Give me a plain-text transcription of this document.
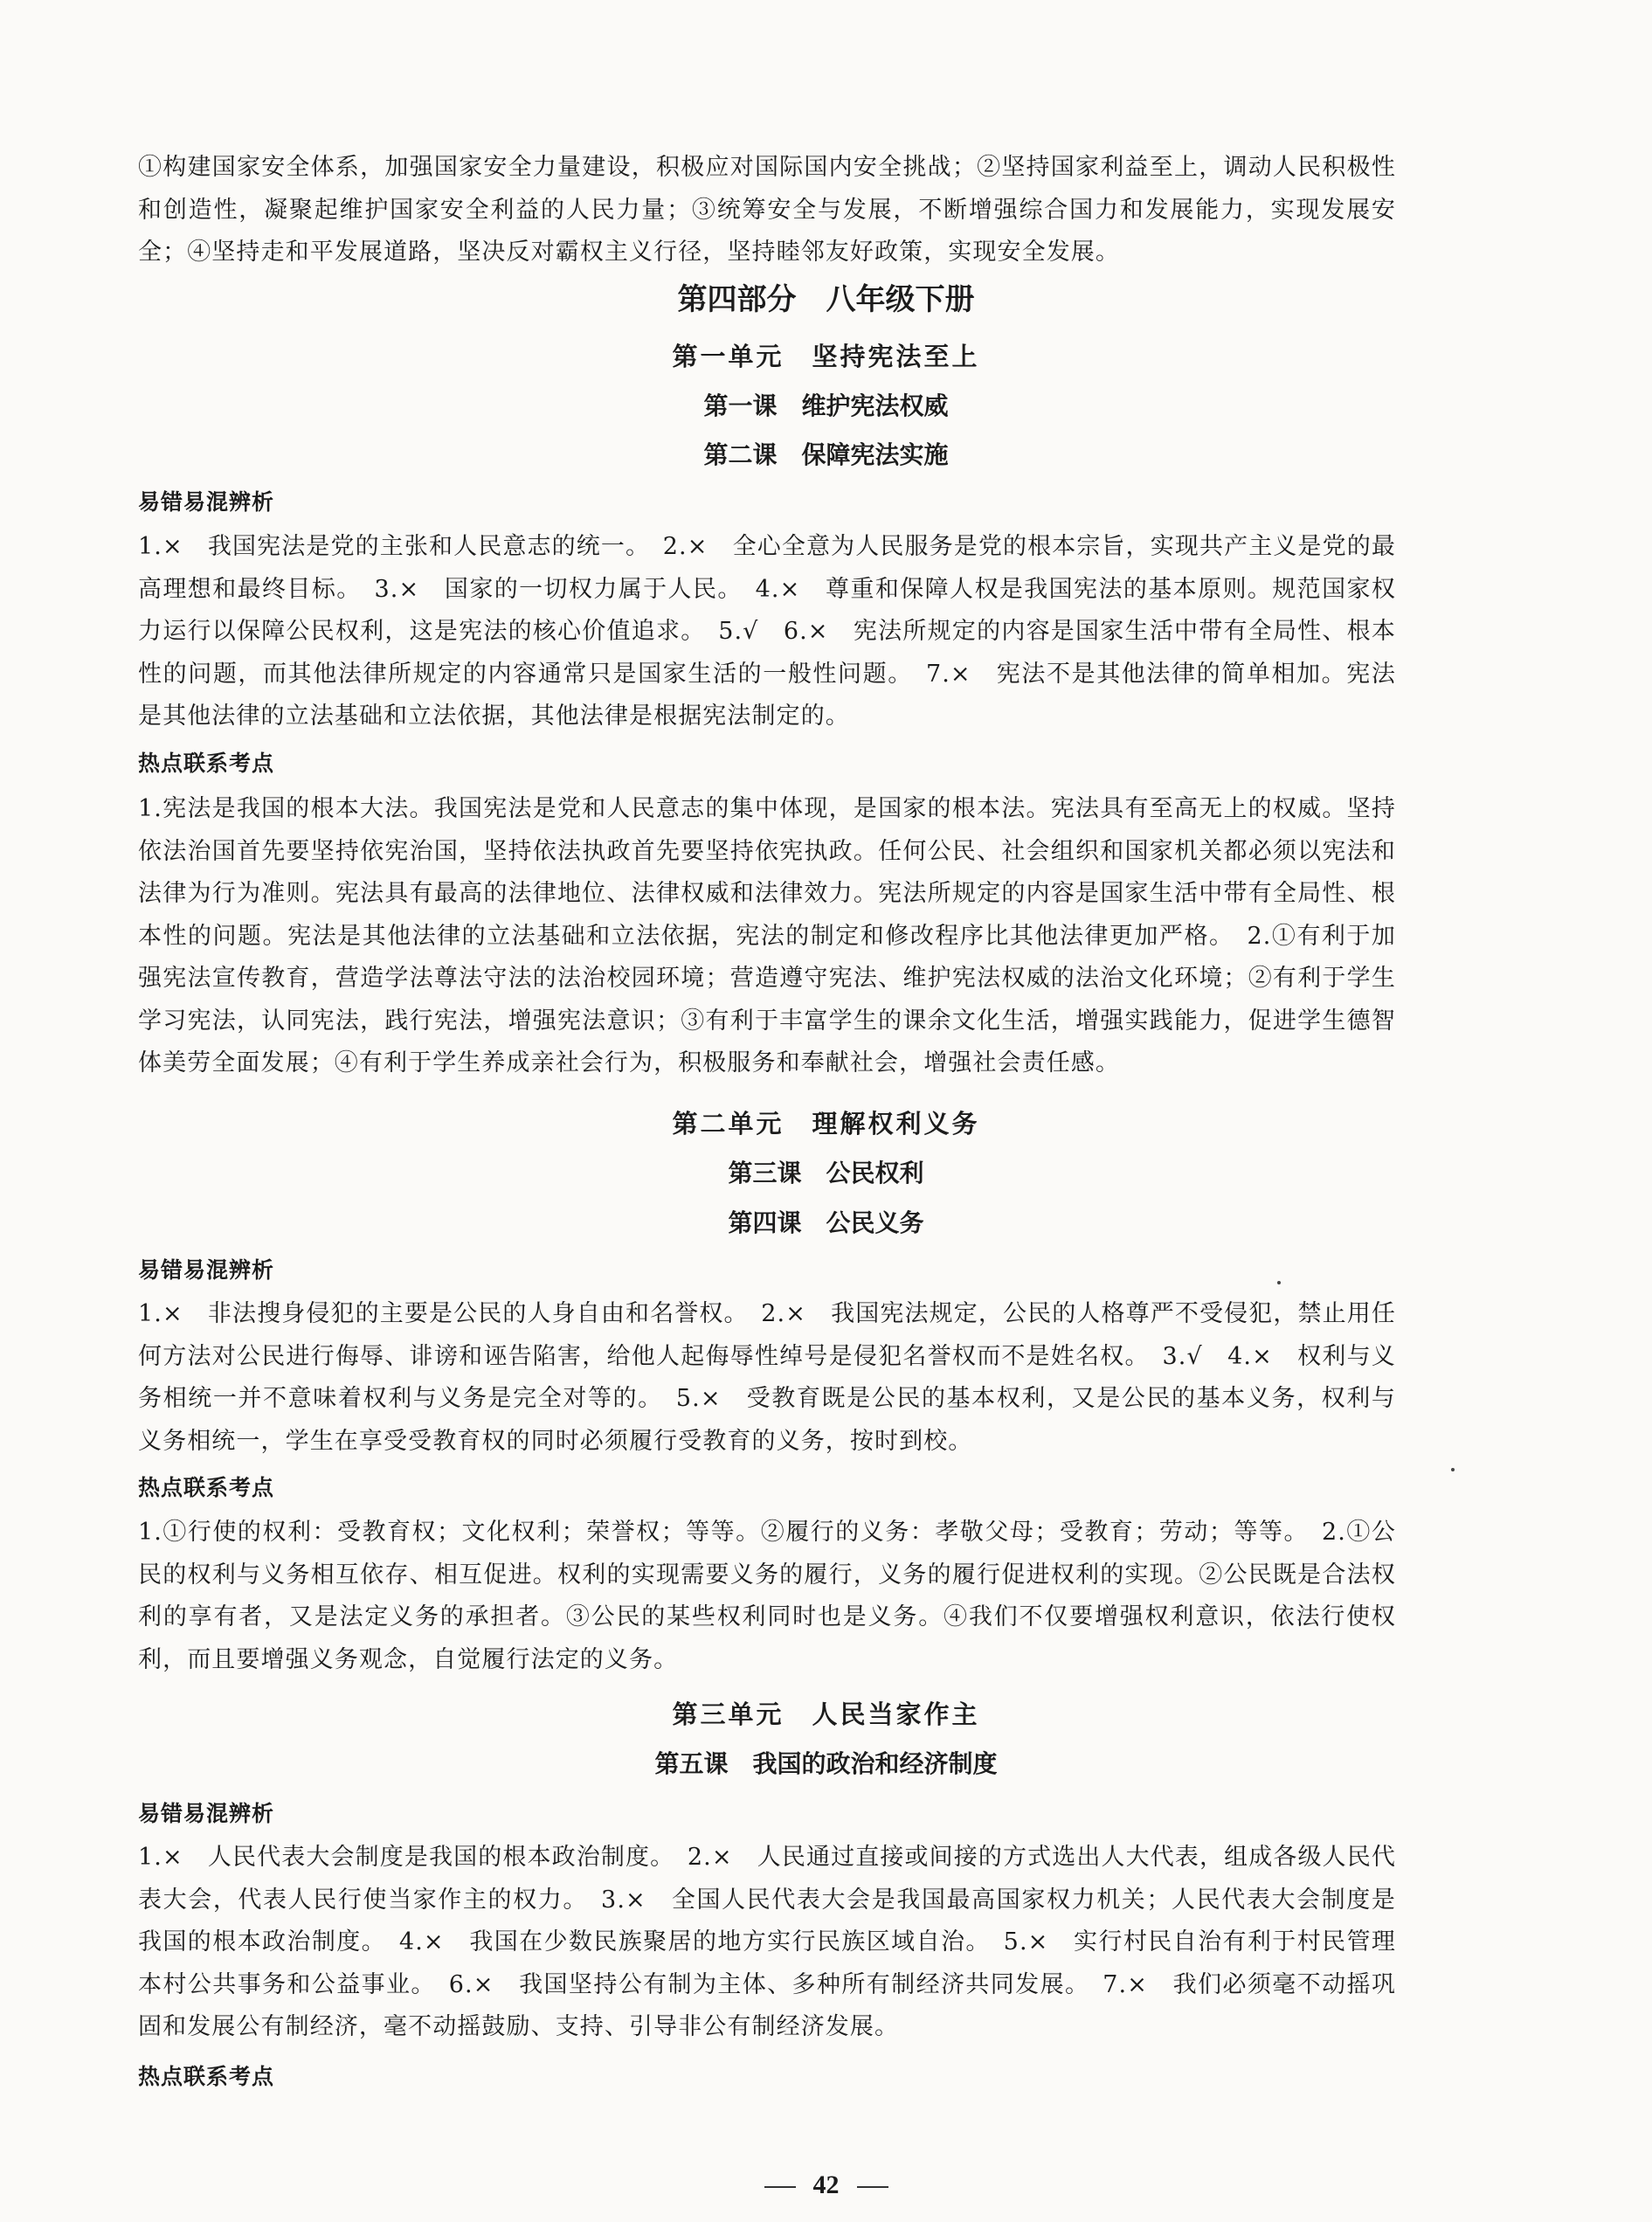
①构建国家安全体系，加强国家安全力量建设，积极应对国际国内安全挑战；②坚持国家利益至上，调动人民积极性和创造性，凝聚起维护国家安全利益的人民力量；③统筹安全与发展，不断增强综合国力和发展能力，实现发展安全；④坚持走和平发展道路，坚决反对霸权主义行径，坚持睦邻友好政策，实现安全发展。

第四部分　八年级下册
第一单元　坚持宪法至上
第一课　维护宪法权威
第二课　保障宪法实施
易错易混辨析

1.×　我国宪法是党的主张和人民意志的统一。　2.×　全心全意为人民服务是党的根本宗旨，实现共产主义是党的最高理想和最终目标。　3.×　国家的一切权力属于人民。　4.×　尊重和保障人权是我国宪法的基本原则。规范国家权力运行以保障公民权利，这是宪法的核心价值追求。　5.√　6.×　宪法所规定的内容是国家生活中带有全局性、根本性的问题，而其他法律所规定的内容通常只是国家生活的一般性问题。　7.×　宪法不是其他法律的简单相加。宪法是其他法律的立法基础和立法依据，其他法律是根据宪法制定的。

热点联系考点

1.宪法是我国的根本大法。我国宪法是党和人民意志的集中体现，是国家的根本法。宪法具有至高无上的权威。坚持依法治国首先要坚持依宪治国，坚持依法执政首先要坚持依宪执政。任何公民、社会组织和国家机关都必须以宪法和法律为行为准则。宪法具有最高的法律地位、法律权威和法律效力。宪法所规定的内容是国家生活中带有全局性、根本性的问题。宪法是其他法律的立法基础和立法依据，宪法的制定和修改程序比其他法律更加严格。　2.①有利于加强宪法宣传教育，营造学法尊法守法的法治校园环境；营造遵守宪法、维护宪法权威的法治文化环境；②有利于学生学习宪法，认同宪法，践行宪法，增强宪法意识；③有利于丰富学生的课余文化生活，增强实践能力，促进学生德智体美劳全面发展；④有利于学生养成亲社会行为，积极服务和奉献社会，增强社会责任感。

第二单元　理解权利义务
第三课　公民权利
第四课　公民义务
易错易混辨析

1.×　非法搜身侵犯的主要是公民的人身自由和名誉权。　2.×　我国宪法规定，公民的人格尊严不受侵犯，禁止用任何方法对公民进行侮辱、诽谤和诬告陷害，给他人起侮辱性绰号是侵犯名誉权而不是姓名权。　3.√　4.×　权利与义务相统一并不意味着权利与义务是完全对等的。　5.×　受教育既是公民的基本权利，又是公民的基本义务，权利与义务相统一，学生在享受受教育权的同时必须履行受教育的义务，按时到校。

热点联系考点

1.①行使的权利：受教育权；文化权利；荣誉权；等等。②履行的义务：孝敬父母；受教育；劳动；等等。　2.①公民的权利与义务相互依存、相互促进。权利的实现需要义务的履行，义务的履行促进权利的实现。②公民既是合法权利的享有者，又是法定义务的承担者。③公民的某些权利同时也是义务。④我们不仅要增强权利意识，依法行使权利，而且要增强义务观念，自觉履行法定的义务。

第三单元　人民当家作主
第五课　我国的政治和经济制度
易错易混辨析

1.×　人民代表大会制度是我国的根本政治制度。　2.×　人民通过直接或间接的方式选出人大代表，组成各级人民代表大会，代表人民行使当家作主的权力。　3.×　全国人民代表大会是我国最高国家权力机关；人民代表大会制度是我国的根本政治制度。　4.×　我国在少数民族聚居的地方实行民族区域自治。　5.×　实行村民自治有利于村民管理本村公共事务和公益事业。　6.×　我国坚持公有制为主体、多种所有制经济共同发展。　7.×　我们必须毫不动摇巩固和发展公有制经济，毫不动摇鼓励、支持、引导非公有制经济发展。

热点联系考点
42
